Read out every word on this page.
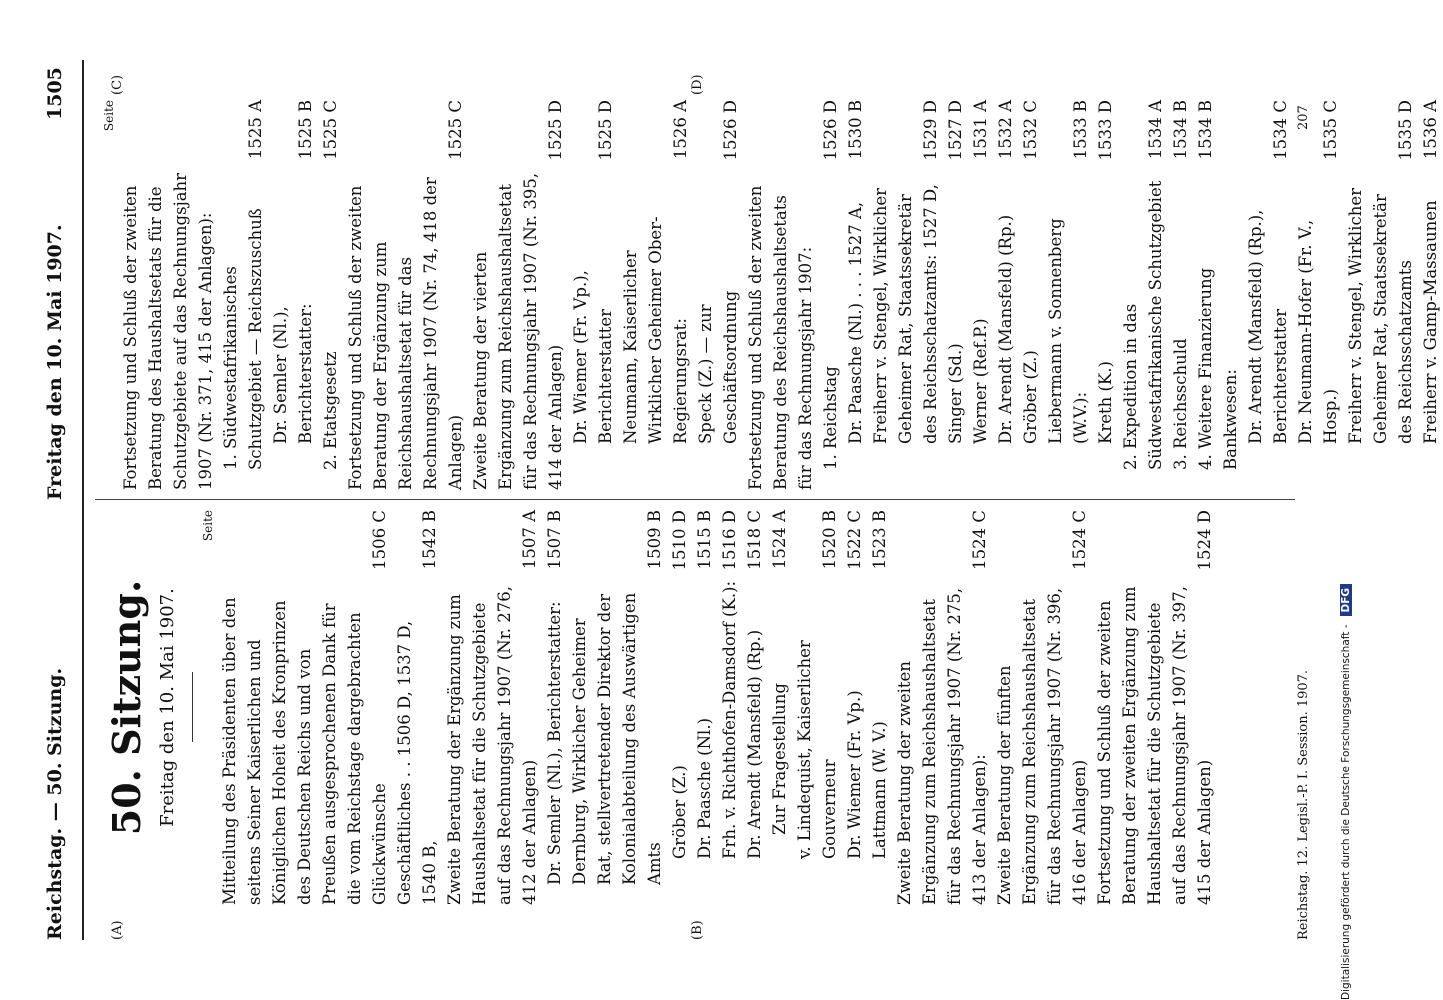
Reichstag. — 50. Sitzung.
Freitag den 10. Mai 1907.
1505
(A)	(B)
(C)	(D)
50. Sitzung. Freitag den 10. Mai 1907.
Seite
Mitteilung des Präsidenten über den seitens Seiner Kaiserlichen und Königlichen Hoheit des Kronprinzen des Deutschen Reichs und von Preußen ausgesprochenen Dank für die vom Reichstage dargebrachten Glückwünsche
1506 C
Geschäftliches . . 1506 D, 1537 D, 1540 B,
1542 B
Zweite Beratung der Ergänzung zum Haushaltsetat für die Schutzgebiete auf das Rechnungsjahr 1907 (Nr. 276, 412 der Anlagen)
1507 A
Dr. Semler (Nl.), Berichterstatter:
1507 B
Dernburg, Wirklicher Geheimer Rat, stellvertretender Direktor der Kolonialabteilung des Auswärtigen Amts
1509 B
Gröber (Z.)
1510 D
Dr. Paasche (Nl.)
1515 B
Frh. v. Richthofen-Damsdorf (K.):
1516 D
Dr. Arendt (Mansfeld) (Rp.)
1518 C
Zur Fragestellung
1524 A
v. Lindequist, Kaiserlicher Gouverneur
1520 B
Dr. Wiemer (Fr. Vp.)
1522 C
Lattmann (W. V.)
1523 B
Zweite Beratung der zweiten Ergänzung zum Reichshaushaltsetat für das Rechnungsjahr 1907 (Nr. 275, 413 der Anlagen):
1524 C
Zweite Beratung der fünften Ergänzung zum Reichshaushaltsetat für das Rechnungsjahr 1907 (Nr. 396, 416 der Anlagen)
1524 C
Fortsetzung und Schluß der zweiten Beratung der zweiten Ergänzung zum Haushaltsetat für die Schutzgebiete auf das Rechnungsjahr 1907 (Nr. 397, 415 der Anlagen)
1524 D
Seite
Fortsetzung und Schluß der zweiten Beratung des Haushaltsetats für die Schutzgebiete auf das Rechnungsjahr 1907 (Nr. 371, 415 der Anlagen): 1. Südwestafrikanisches Schutzgebiet — Reichszuschuß
1525 A
Dr. Semler (Nl.), Berichterstatter:
1525 B
2. Etatsgesetz
1525 C
Fortsetzung und Schluß der zweiten Beratung der Ergänzung zum Reichshaushaltsetat für das Rechnungsjahr 1907 (Nr. 74, 418 der Anlagen)
1525 C
Zweite Beratung der vierten Ergänzung zum Reichshaushaltsetat für das Rechnungsjahr 1907 (Nr. 395, 414 der Anlagen)
1525 D
Dr. Wiemer (Fr. Vp.), Berichterstatter
1525 D
Neumann, Kaiserlicher Wirklicher Geheimer Ober-Regierungsrat:
1526 A
Speck (Z.) — zur Geschäftsordnung
1526 D
Fortsetzung und Schluß der zweiten Beratung des Reichshaushaltsetats für das Rechnungsjahr 1907: 1. Reichstag
1526 D
Dr. Paasche (Nl.) . . . 1527 A,
1530 B
Freiherr v. Stengel, Wirklicher Geheimer Rat, Staatssekretär des Reichsschatzamts: 1527 D,
1529 D
Singer (Sd.)
1527 D
Werner (Ref.P.)
1531 A
Dr. Arendt (Mansfeld) (Rp.)
1532 A
Gröber (Z.)
1532 C
Liebermann v. Sonnenberg (W.V.):
1533 B
Kreth (K.)
1533 D
2. Expedition in das Südwestafrikanische Schutzgebiet
1534 A
3. Reichsschuld
1534 B
4. Weitere Finanzierung
1534 B
Bankwesen: Dr. Arendt (Mansfeld) (Rp.), Berichterstatter
1534 C
Dr. Neumann-Hofer (Fr. V., Hosp.)
1535 C
Freiherr v. Stengel, Wirklicher Geheimer Rat, Staatssekretär des Reichsschatzamts
1535 D
Freiherr v. Gamp-Massaunen
1536 A
Reichstag. 12. Legisl.-P. I. Session. 1907.
207
Digitalisierung gefördert durch die Deutsche Forschungsgemeinschaft -DFG
